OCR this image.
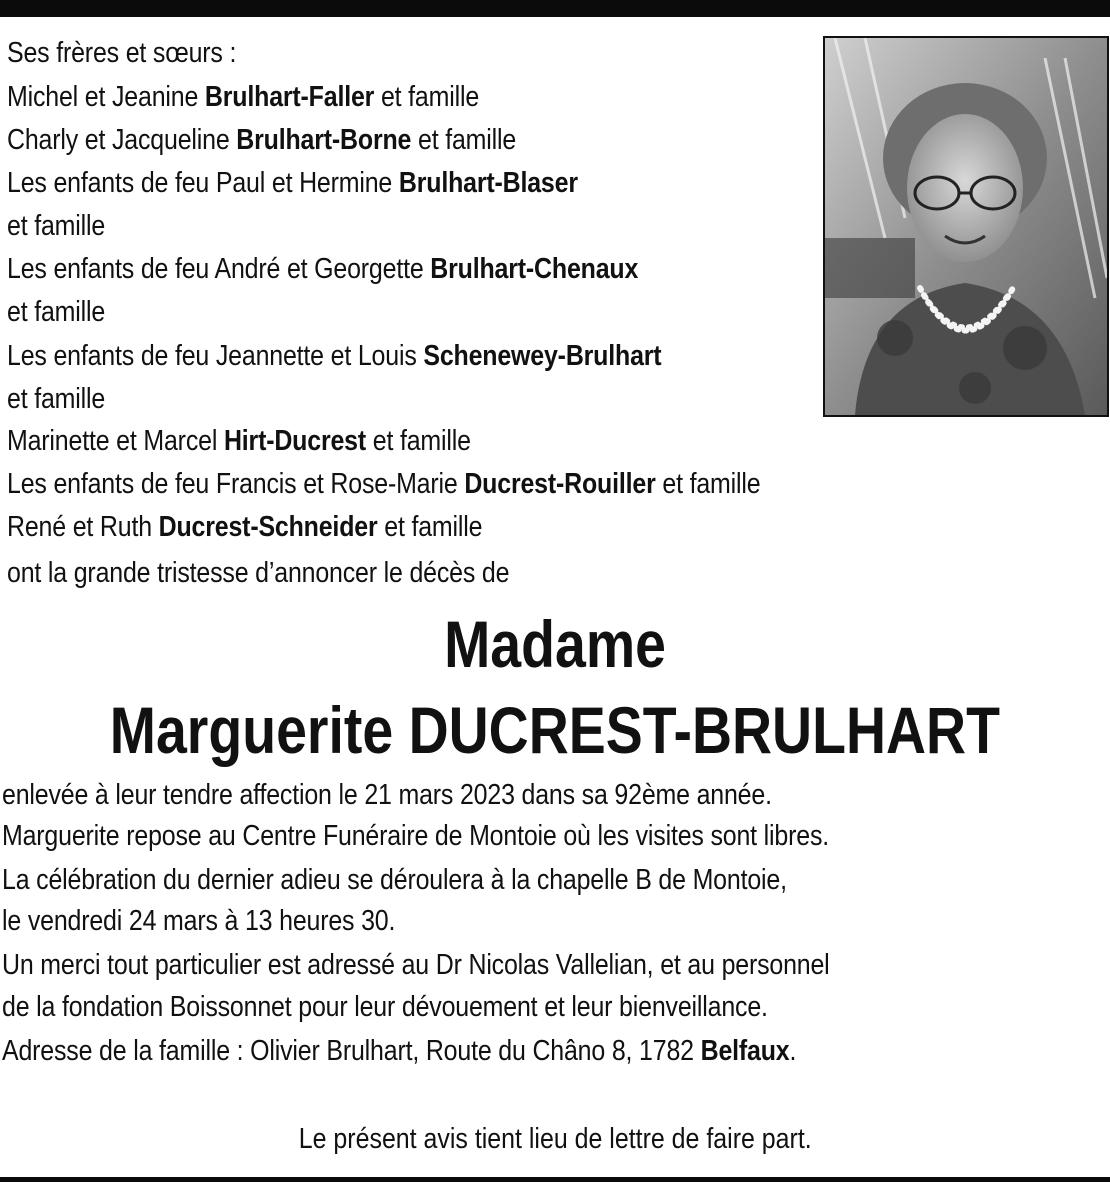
Ses frères et sœurs :
Michel et Jeanine Brulhart-Faller et famille
Charly et Jacqueline Brulhart-Borne et famille
Les enfants de feu Paul et Hermine Brulhart-Blaser
et famille
Les enfants de feu André et Georgette Brulhart-Chenaux
et famille
Les enfants de feu Jeannette et Louis Schenewey-Brulhart
et famille
Marinette et Marcel Hirt-Ducrest et famille
Les enfants de feu Francis et Rose-Marie Ducrest-Rouiller et famille
René et Ruth Ducrest-Schneider et famille
ont la grande tristesse d’annoncer le décès de
Madame
Marguerite DUCREST-BRULHART
enlevée à leur tendre affection le 21 mars 2023 dans sa 92ème année.
Marguerite repose au Centre Funéraire de Montoie où les visites sont libres.
La célébration du dernier adieu se déroulera à la chapelle B de Montoie,
le vendredi 24 mars à 13 heures 30.
Un merci tout particulier est adressé au Dr Nicolas Vallelian, et au personnel
de la fondation Boissonnet pour leur dévouement et leur bienveillance.
Adresse de la famille : Olivier Brulhart, Route du Châno 8, 1782 Belfaux.
Le présent avis tient lieu de lettre de faire part.
